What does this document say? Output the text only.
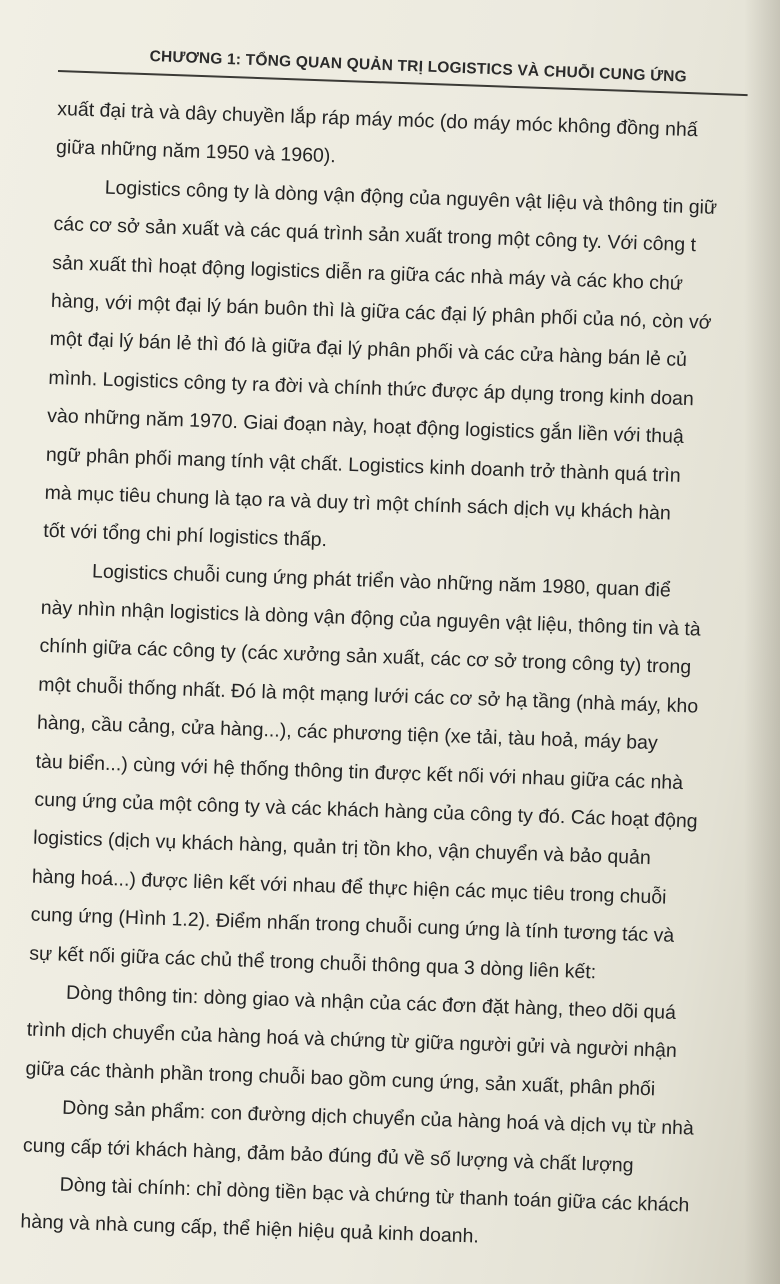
CHƯƠNG 1: TỔNG QUAN QUẢN TRỊ LOGISTICS VÀ CHUỖI CUNG ỨNG
xuất đại trà và dây chuyền lắp ráp máy móc (do máy móc không đồng nhấ
giữa những năm 1950 và 1960).
Logistics công ty là dòng vận động của nguyên vật liệu và thông tin giữ
các cơ sở sản xuất và các quá trình sản xuất trong một công ty. Với công t
sản xuất thì hoạt động logistics diễn ra giữa các nhà máy và các kho chứ
hàng, với một đại lý bán buôn thì là giữa các đại lý phân phối của nó, còn vớ
một đại lý bán lẻ thì đó là giữa đại lý phân phối và các cửa hàng bán lẻ củ
mình. Logistics công ty ra đời và chính thức được áp dụng trong kinh doan
vào những năm 1970. Giai đoạn này, hoạt động logistics gắn liền với thuậ
ngữ phân phối mang tính vật chất. Logistics kinh doanh trở thành quá trìn
mà mục tiêu chung là tạo ra và duy trì một chính sách dịch vụ khách hàn
tốt với tổng chi phí logistics thấp.
Logistics chuỗi cung ứng phát triển vào những năm 1980, quan điể
này nhìn nhận logistics là dòng vận động của nguyên vật liệu, thông tin và tà
chính giữa các công ty (các xưởng sản xuất, các cơ sở trong công ty) trong
một chuỗi thống nhất. Đó là một mạng lưới các cơ sở hạ tầng (nhà máy, kho
hàng, cầu cảng, cửa hàng...), các phương tiện (xe tải, tàu hoả, máy bay
tàu biển...) cùng với hệ thống thông tin được kết nối với nhau giữa các nhà
cung ứng của một công ty và các khách hàng của công ty đó. Các hoạt động
logistics (dịch vụ khách hàng, quản trị tồn kho, vận chuyển và bảo quản
hàng hoá...) được liên kết với nhau để thực hiện các mục tiêu trong chuỗi
cung ứng (Hình 1.2). Điểm nhấn trong chuỗi cung ứng là tính tương tác và
sự kết nối giữa các chủ thể trong chuỗi thông qua 3 dòng liên kết:
Dòng thông tin: dòng giao và nhận của các đơn đặt hàng, theo dõi quá
trình dịch chuyển của hàng hoá và chứng từ giữa người gửi và người nhận
giữa các thành phần trong chuỗi bao gồm cung ứng, sản xuất, phân phối
Dòng sản phẩm: con đường dịch chuyển của hàng hoá và dịch vụ từ nhà
cung cấp tới khách hàng, đảm bảo đúng đủ về số lượng và chất lượng
Dòng tài chính: chỉ dòng tiền bạc và chứng từ thanh toán giữa các khách
hàng và nhà cung cấp, thể hiện hiệu quả kinh doanh.
